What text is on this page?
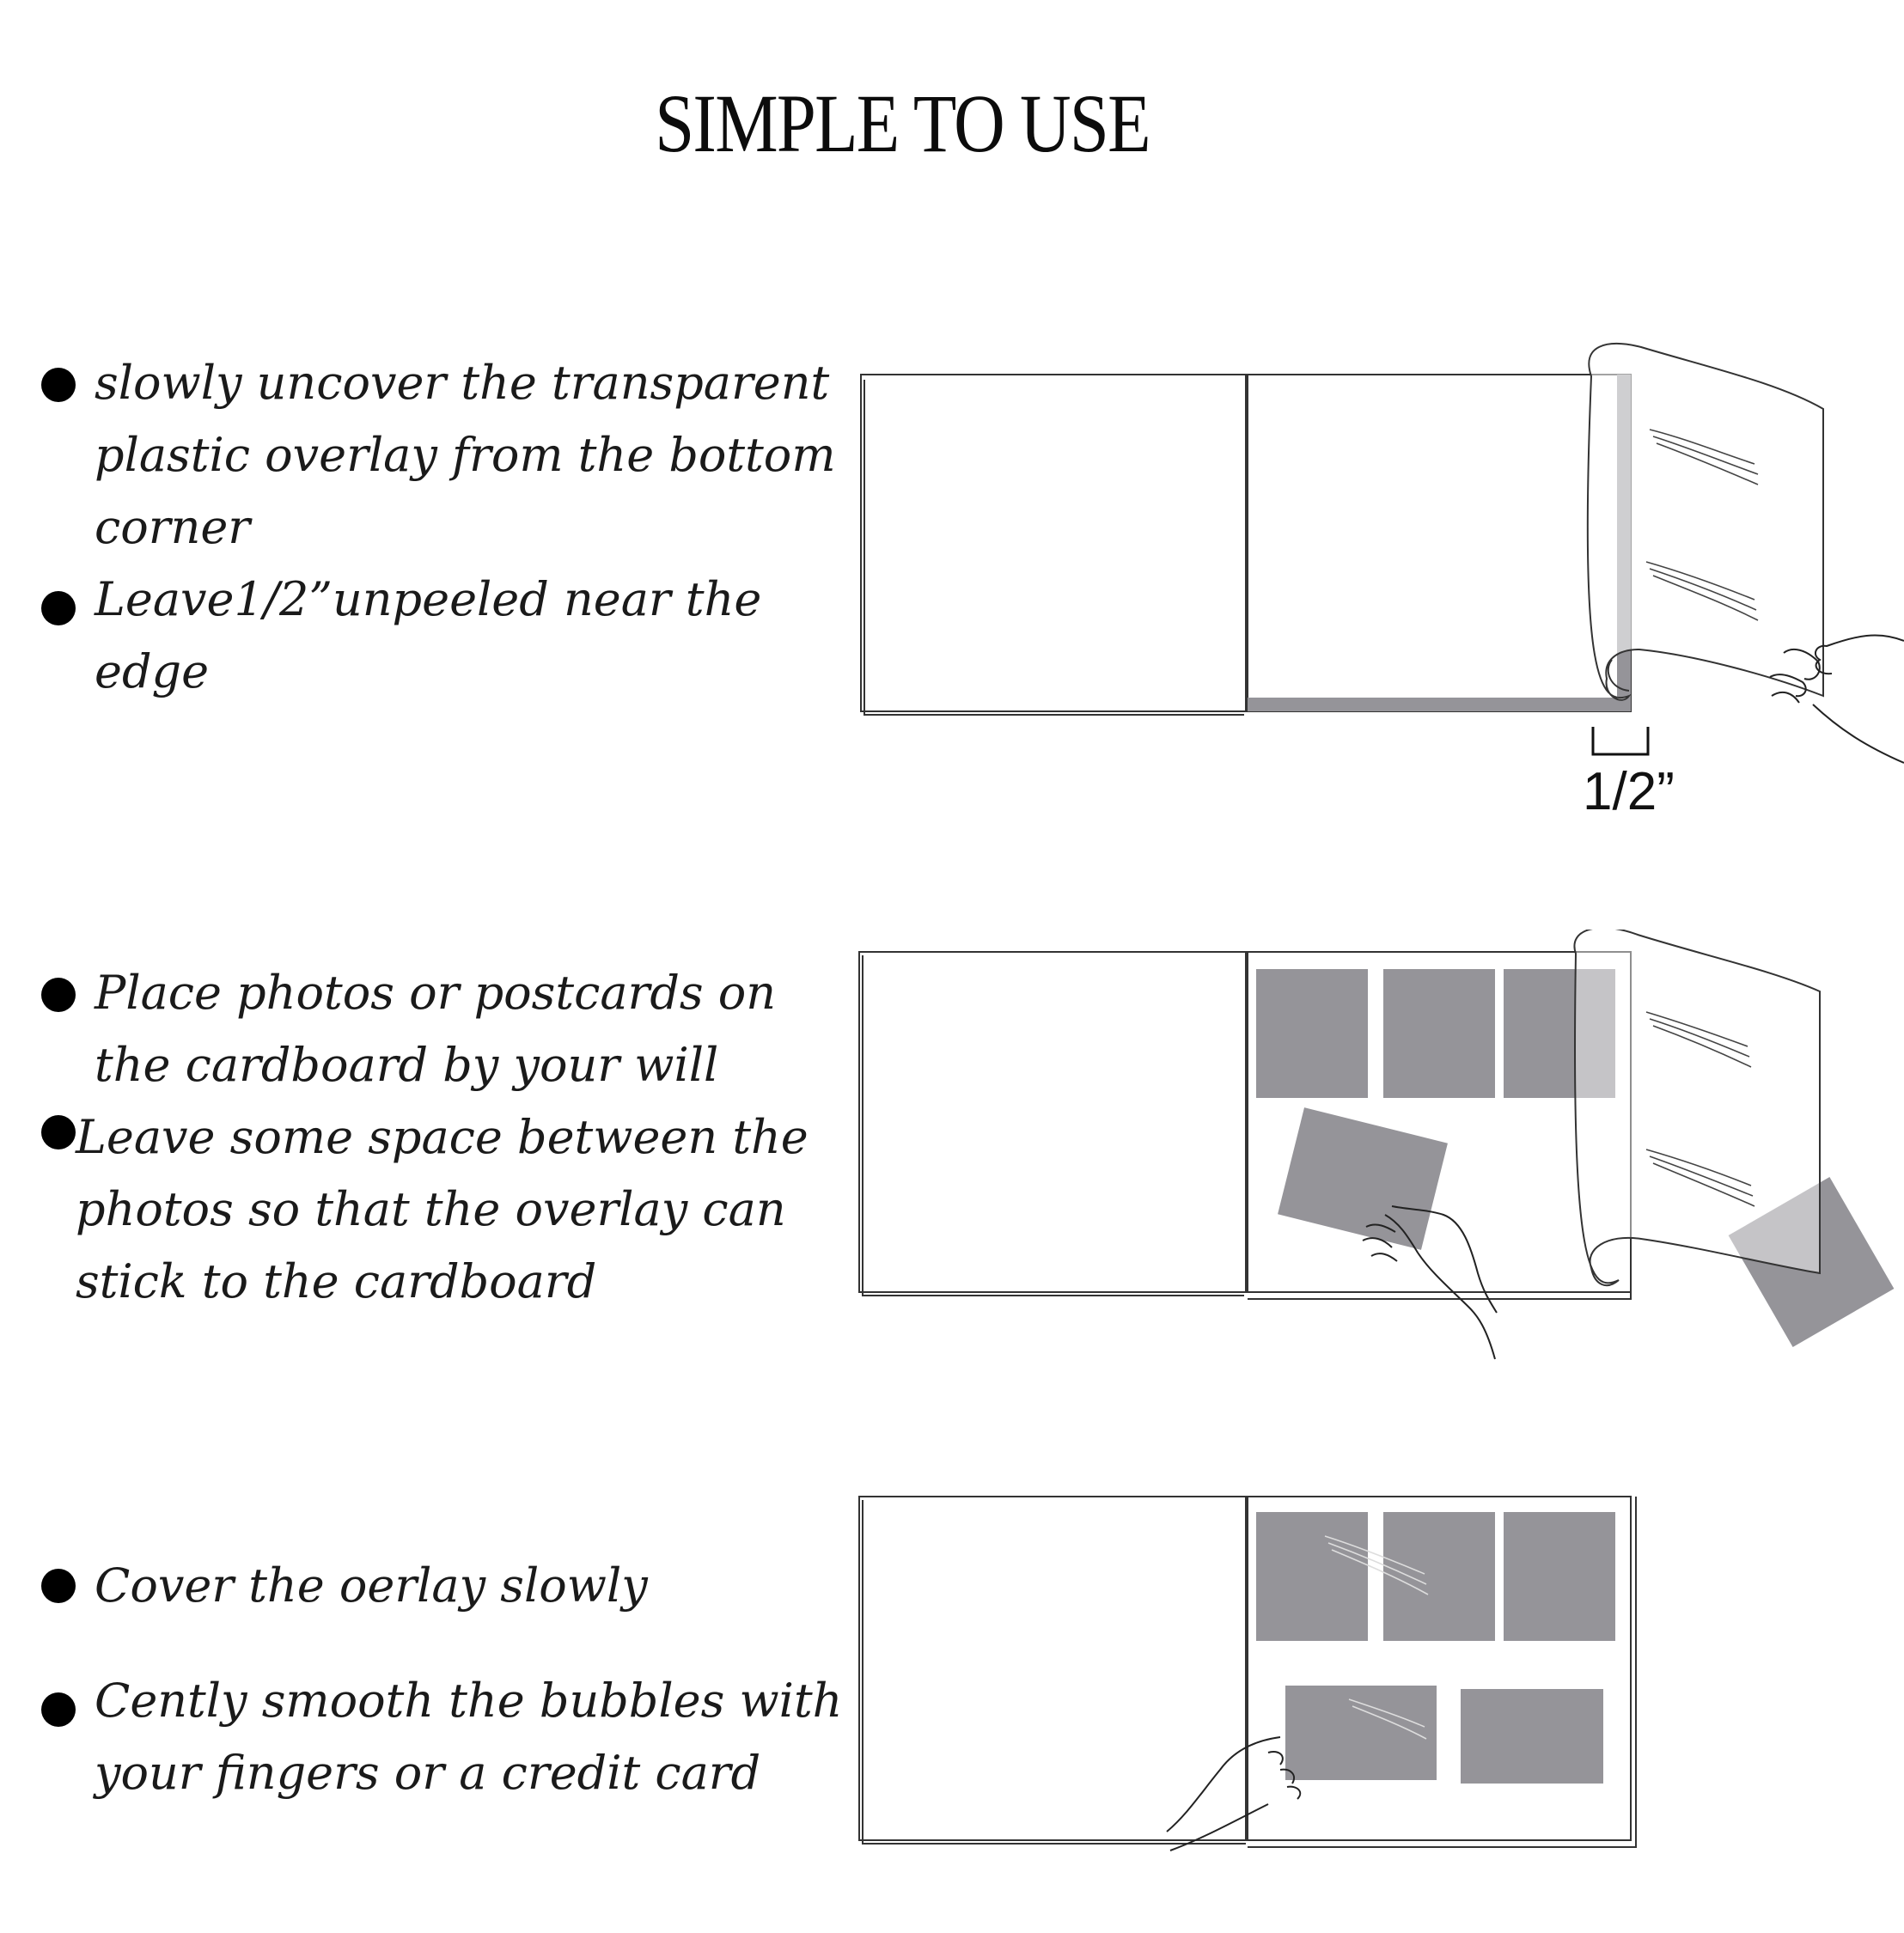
SIMPLE TO USE
slowly uncover the transparent
plastic overlay from the bottom
corner
Leave1/2”unpeeled near the
edge
Place photos or postcards on
the cardboard by your will
Leave some space between the
photos so that the overlay can
stick to the cardboard
Cover the oerlay slowly
Cently smooth the bubbles with
your fingers or a credit card
1/2”
